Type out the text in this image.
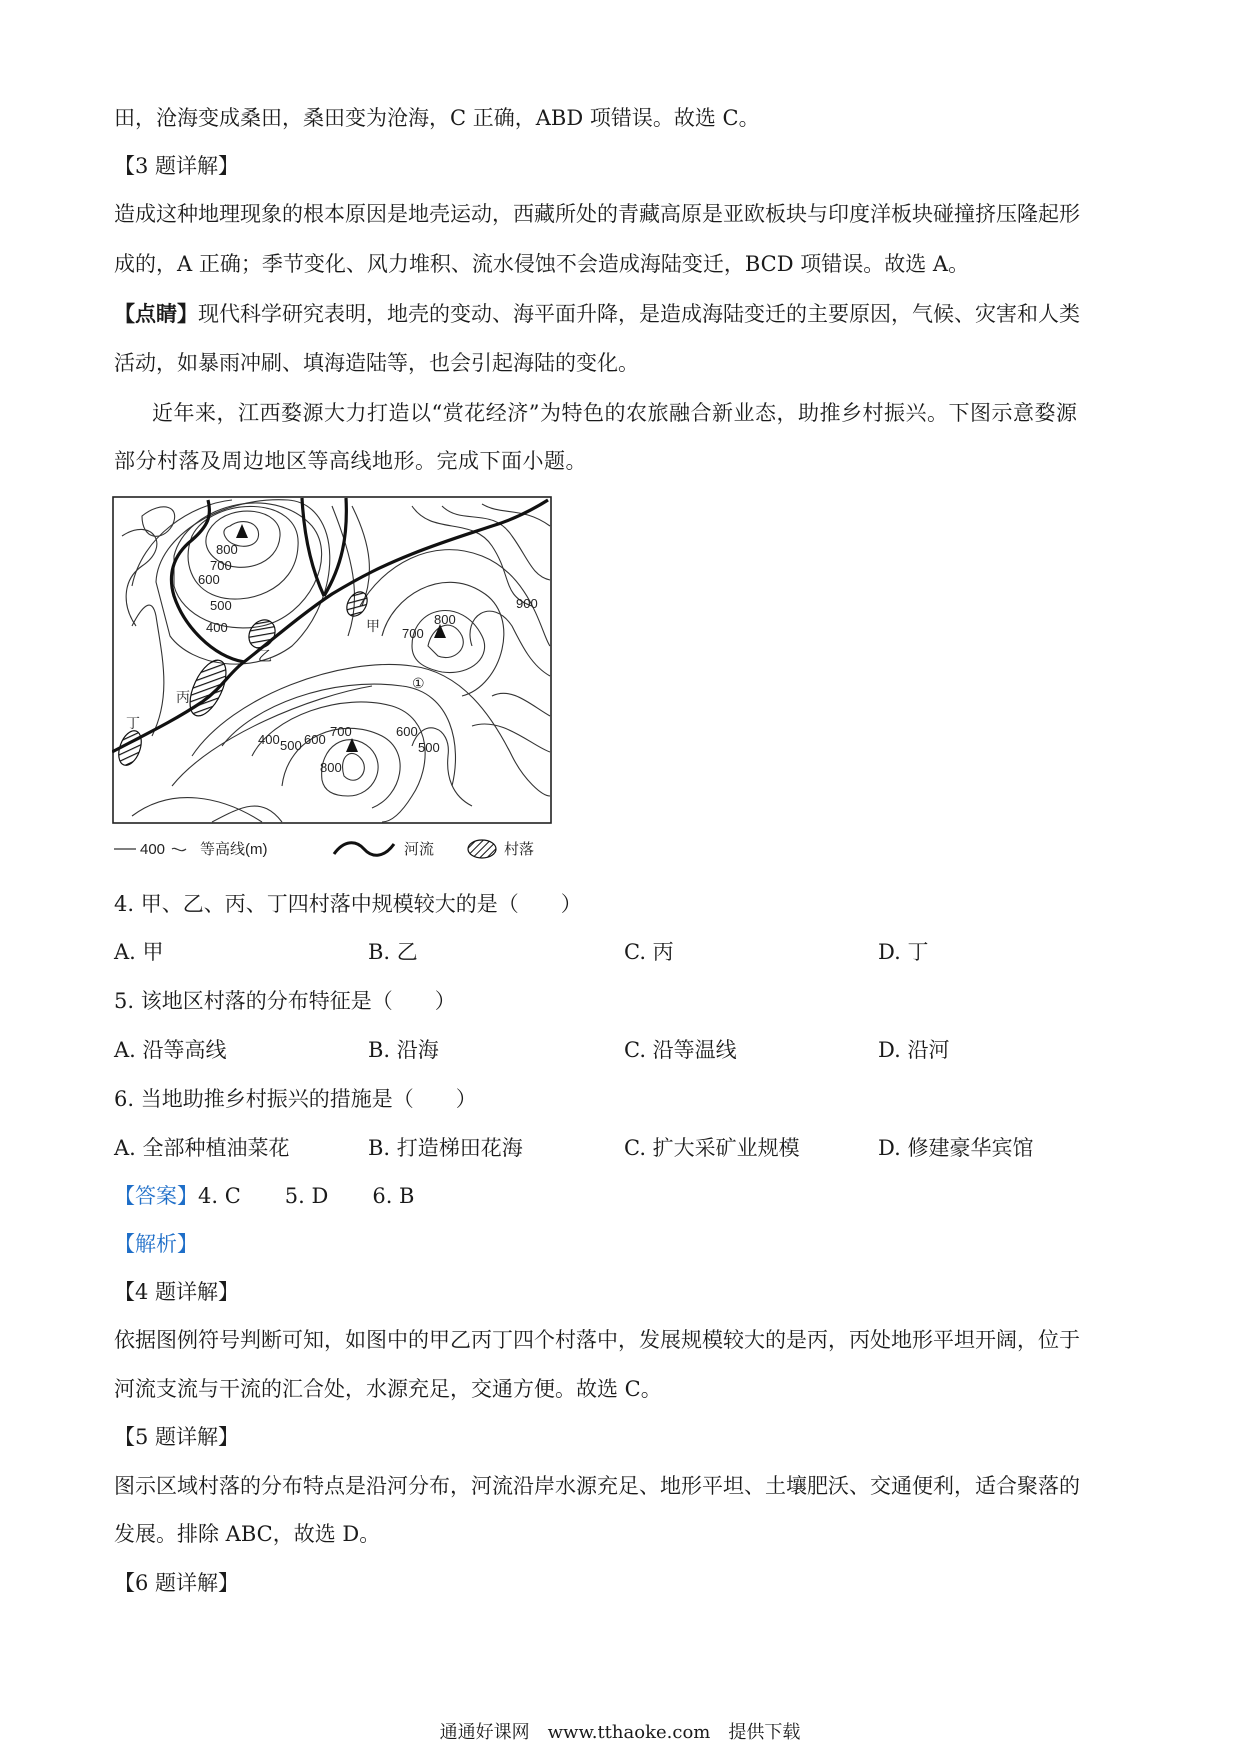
田，沧海变成桑田，桑田变为沧海，C 正确，ABD 项错误。故选 C。
【3 题详解】
造成这种地理现象的根本原因是地壳运动，西藏所处的青藏高原是亚欧板块与印度洋板块碰撞挤压隆起形
成的，A 正确；季节变化、风力堆积、流水侵蚀不会造成海陆变迁，BCD 项错误。故选 A。
【点睛】现代科学研究表明，地壳的变动、海平面升降，是造成海陆变迁的主要原因，气候、灾害和人类
活动，如暴雨冲刷、填海造陆等，也会引起海陆的变化。
近年来，江西婺源大力打造以“赏花经济”为特色的农旅融合新业态，助推乡村振兴。下图示意婺源
部分村落及周边地区等高线地形。完成下面小题。
800
700
600
500
400
900
800
700
400 500 600
700	600
500
800
甲
乙
丙
丁
①
400 等高线(m)	河流	村落
4. 甲、乙、丙、丁四村落中规模较大的是（　　）
A. 甲	B. 乙	C. 丙	D. 丁
5. 该地区村落的分布特征是（　　）
A. 沿等高线	B. 沿海	C. 沿等温线	D. 沿河
6. 当地助推乡村振兴的措施是（　　）
A. 全部种植油菜花	B. 打造梯田花海	C. 扩大采矿业规模	D. 修建豪华宾馆
【答案】4. C 5. D 6. B
【解析】
【4 题详解】
依据图例符号判断可知，如图中的甲乙丙丁四个村落中，发展规模较大的是丙，丙处地形平坦开阔，位于
河流支流与干流的汇合处，水源充足，交通方便。故选 C。
【5 题详解】
图示区域村落的分布特点是沿河分布，河流沿岸水源充足、地形平坦、土壤肥沃、交通便利，适合聚落的
发展。排除 ABC，故选 D。
【6 题详解】
通通好课网　www.tthaoke.com　提供下载
